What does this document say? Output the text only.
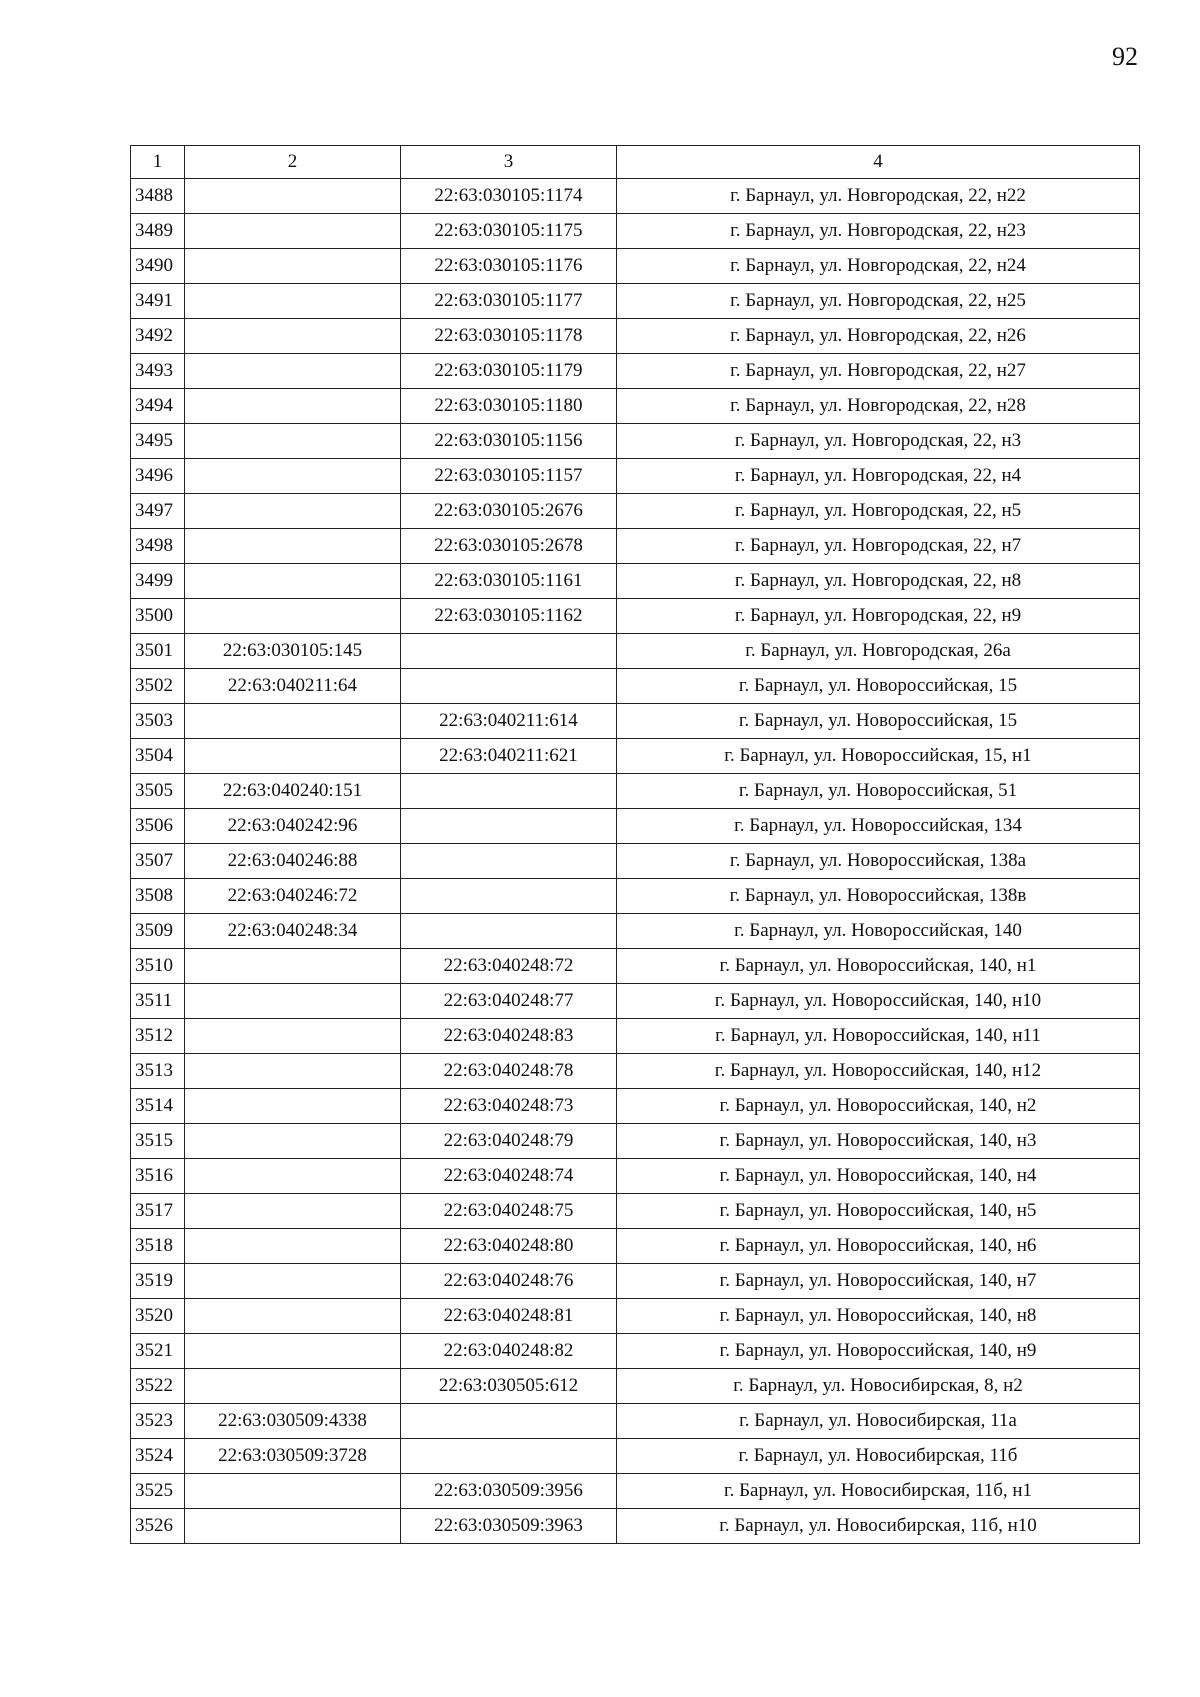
92
1	2	3	4
3488		22:63:030105:1174	г. Барнаул, ул. Новгородская, 22, н22
3489		22:63:030105:1175	г. Барнаул, ул. Новгородская, 22, н23
3490		22:63:030105:1176	г. Барнаул, ул. Новгородская, 22, н24
3491		22:63:030105:1177	г. Барнаул, ул. Новгородская, 22, н25
3492		22:63:030105:1178	г. Барнаул, ул. Новгородская, 22, н26
3493		22:63:030105:1179	г. Барнаул, ул. Новгородская, 22, н27
3494		22:63:030105:1180	г. Барнаул, ул. Новгородская, 22, н28
3495		22:63:030105:1156	г. Барнаул, ул. Новгородская, 22, н3
3496		22:63:030105:1157	г. Барнаул, ул. Новгородская, 22, н4
3497		22:63:030105:2676	г. Барнаул, ул. Новгородская, 22, н5
3498		22:63:030105:2678	г. Барнаул, ул. Новгородская, 22, н7
3499		22:63:030105:1161	г. Барнаул, ул. Новгородская, 22, н8
3500		22:63:030105:1162	г. Барнаул, ул. Новгородская, 22, н9
3501	22:63:030105:145		г. Барнаул, ул. Новгородская, 26а
3502	22:63:040211:64		г. Барнаул, ул. Новороссийская, 15
3503		22:63:040211:614	г. Барнаул, ул. Новороссийская, 15
3504		22:63:040211:621	г. Барнаул, ул. Новороссийская, 15, н1
3505	22:63:040240:151		г. Барнаул, ул. Новороссийская, 51
3506	22:63:040242:96		г. Барнаул, ул. Новороссийская, 134
3507	22:63:040246:88		г. Барнаул, ул. Новороссийская, 138а
3508	22:63:040246:72		г. Барнаул, ул. Новороссийская, 138в
3509	22:63:040248:34		г. Барнаул, ул. Новороссийская, 140
3510		22:63:040248:72	г. Барнаул, ул. Новороссийская, 140, н1
3511		22:63:040248:77	г. Барнаул, ул. Новороссийская, 140, н10
3512		22:63:040248:83	г. Барнаул, ул. Новороссийская, 140, н11
3513		22:63:040248:78	г. Барнаул, ул. Новороссийская, 140, н12
3514		22:63:040248:73	г. Барнаул, ул. Новороссийская, 140, н2
3515		22:63:040248:79	г. Барнаул, ул. Новороссийская, 140, н3
3516		22:63:040248:74	г. Барнаул, ул. Новороссийская, 140, н4
3517		22:63:040248:75	г. Барнаул, ул. Новороссийская, 140, н5
3518		22:63:040248:80	г. Барнаул, ул. Новороссийская, 140, н6
3519		22:63:040248:76	г. Барнаул, ул. Новороссийская, 140, н7
3520		22:63:040248:81	г. Барнаул, ул. Новороссийская, 140, н8
3521		22:63:040248:82	г. Барнаул, ул. Новороссийская, 140, н9
3522		22:63:030505:612	г. Барнаул, ул. Новосибирская, 8, н2
3523	22:63:030509:4338		г. Барнаул, ул. Новосибирская, 11а
3524	22:63:030509:3728		г. Барнаул, ул. Новосибирская, 11б
3525		22:63:030509:3956	г. Барнаул, ул. Новосибирская, 11б, н1
3526		22:63:030509:3963	г. Барнаул, ул. Новосибирская, 11б, н10
